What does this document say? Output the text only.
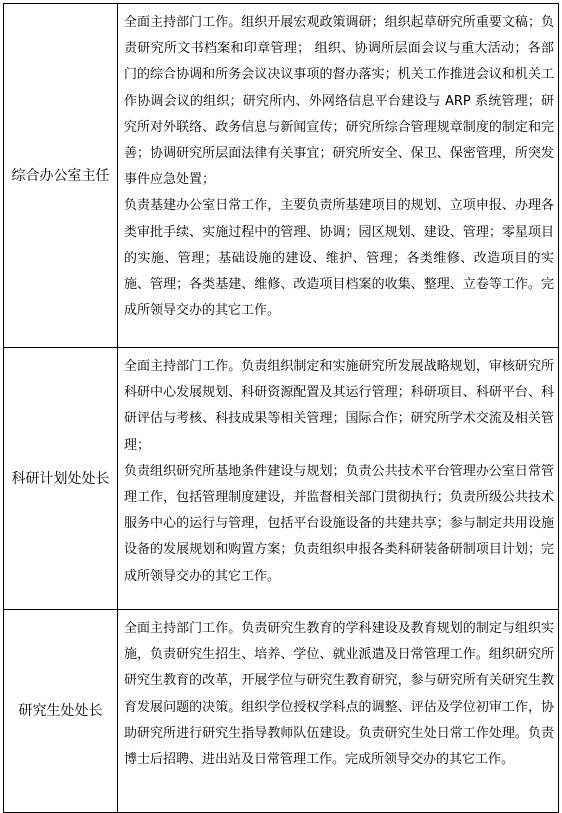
综合办公室主任	全面主持部门工作。组织开展宏观政策调研；组织起草研究所重要文稿；负责研究所文书档案和印章管理； 组织、协调所层面会议与重大活动；各部门的综合协调和所务会议决议事项的督办落实；机关工作推进会议和机关工作协调会议的组织；研究所内、外网络信息平台建设与 ARP 系统管理；研究所对外联络、政务信息与新闻宣传；研究所综合管理规章制度的制定和完善；协调研究所层面法律有关事宜；研究所安全、保卫、保密管理，所突发事件应急处置；

负责基建办公室日常工作，主要负责所基建项目的规划、立项申报、办理各类审批手续、实施过程中的管理、协调；园区规划、建设、管理；零星项目的实施、管理；基础设施的建设、维护、管理；各类维修、改造项目的实施、管理；各类基建、维修、改造项目档案的收集、整理、立卷等工作。完成所领导交办的其它工作。

科研计划处处长	全面主持部门工作。负责组织制定和实施研究所发展战略规划，审核研究所科研中心发展规划、科研资源配置及其运行管理；科研项目、科研平台、科研评估与考核、科技成果等相关管理；国际合作；研究所学术交流及相关管理；

负责组织研究所基地条件建设与规划；负责公共技术平台管理办公室日常管理工作，包括管理制度建设，并监督相关部门贯彻执行；负责所级公共技术服务中心的运行与管理，包括平台设施设备的共建共享；参与制定共用设施设备的发展规划和购置方案；负责组织申报各类科研装备研制项目计划；完成所领导交办的其它工作。

研究生处处长	全面主持部门工作。负责研究生教育的学科建设及教育规划的制定与组织实施，负责研究生招生、培养、学位、就业派遣及日常管理工作。组织研究所研究生教育的改革，开展学位与研究生教育研究，参与研究所有关研究生教育发展问题的决策。组织学位授权学科点的调整、评估及学位初审工作，协助研究所进行研究生指导教师队伍建设。负责研究生处日常工作处理。负责博士后招聘、进出站及日常管理工作。完成所领导交办的其它工作。
